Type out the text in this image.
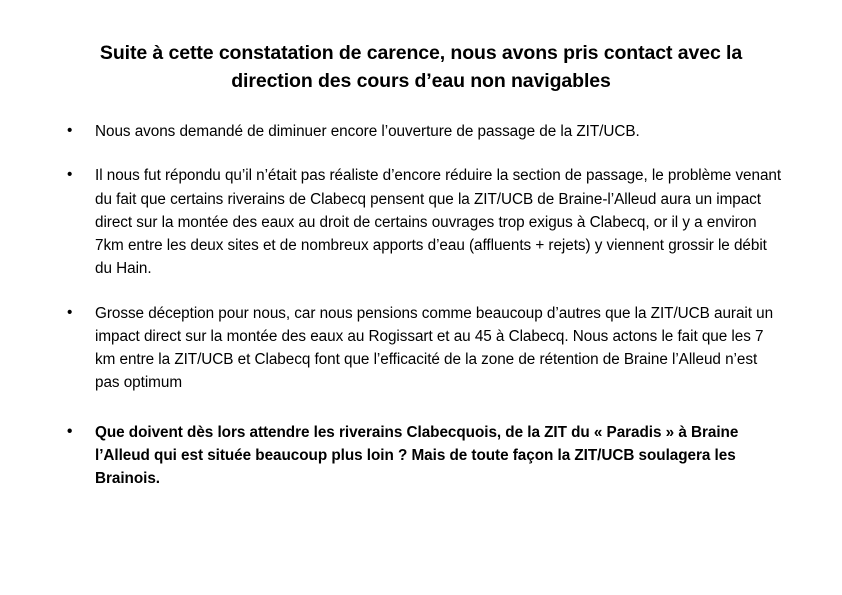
Suite à cette constatation de carence, nous avons pris contact avec la direction des cours d’eau non navigables
• Nous avons demandé de diminuer encore l’ouverture de passage de la ZIT/UCB.
• Il nous fut répondu qu’il n’était pas réaliste d’encore réduire la section de passage, le problème venant du fait que certains riverains de Clabecq pensent que la ZIT/UCB de Braine-l’Alleud aura un impact direct sur la montée des eaux au droit de certains ouvrages trop exigus à Clabecq, or il y a environ 7km entre les deux sites et de nombreux apports d’eau (affluents + rejets) y viennent grossir le débit du Hain.
• Grosse déception pour nous, car nous pensions comme beaucoup d’autres que la ZIT/UCB aurait un impact direct sur la montée des eaux au Rogissart et au 45 à Clabecq. Nous actons le fait que les 7 km entre la ZIT/UCB et Clabecq font que l’efficacité de la zone de rétention de Braine l’Alleud n’est pas optimum
• Que doivent dès lors attendre les riverains Clabecquois, de la ZIT du « Paradis » à Braine l’Alleud qui est située beaucoup plus loin ? Mais de toute façon la ZIT/UCB soulagera les Brainois.
